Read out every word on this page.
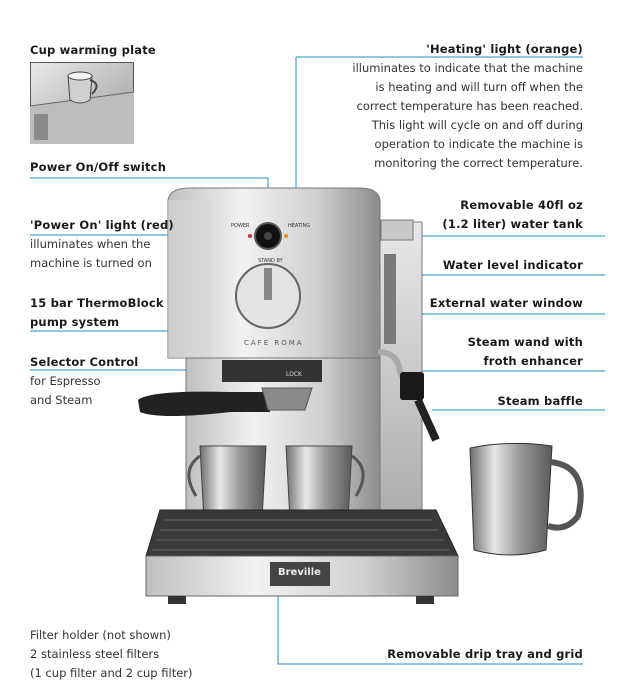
POWER	HEATING
STAND BY
CAFE ROMA
LOCK
Breville
Cup warming plate
Power On/Off switch
'Power On' light (red)
illuminates when the
machine is turned on
15 bar ThermoBlock
pump system
Selector Control
for Espresso
and Steam
Filter holder (not shown)
2 stainless steel filters
(1 cup filter and 2 cup filter)
'Heating' light (orange)
illuminates to indicate that the machine
is heating and will turn off when the
correct temperature has been reached.
This light will cycle on and off during
operation to indicate the machine is
monitoring the correct temperature.
Removable 40fl oz
(1.2 liter) water tank
Water level indicator
External water window
Steam wand with
froth enhancer
Steam baffle
Removable drip tray and grid
